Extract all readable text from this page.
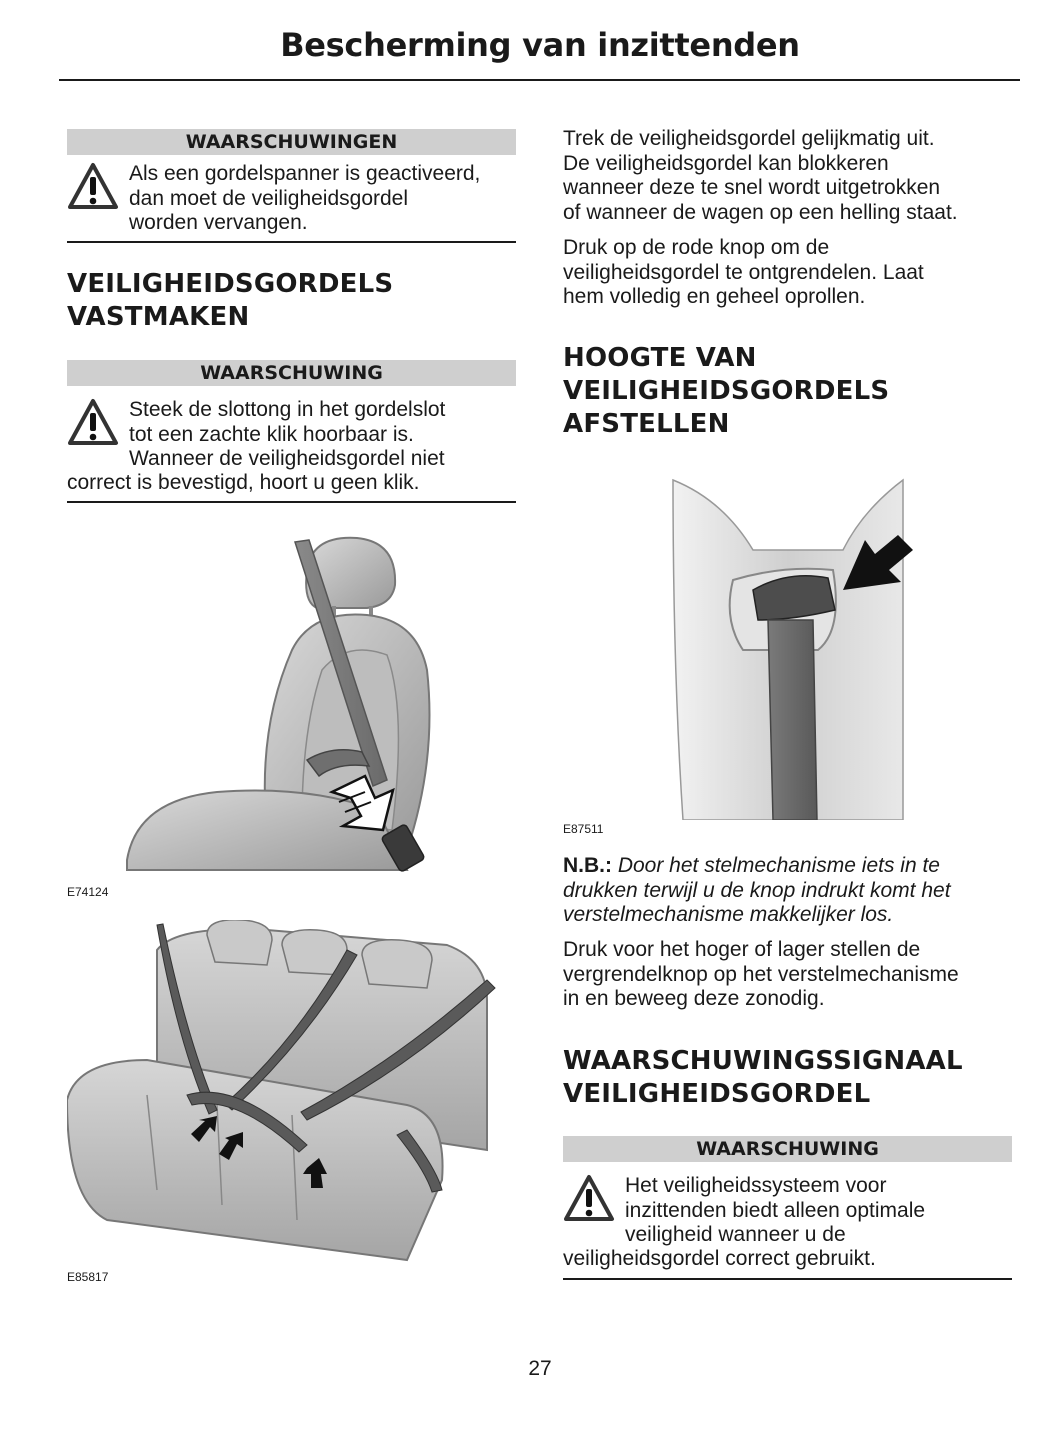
Bescherming van inzittenden
WAARSCHUWINGEN
Als een gordelspanner is geactiveerd,
dan moet de veiligheidsgordel
worden vervangen.
VEILIGHEIDSGORDELS
VASTMAKEN
WAARSCHUWING
Steek de slottong in het gordelslot
tot een zachte klik hoorbaar is.
Wanneer de veiligheidsgordel niet
correct is bevestigd, hoort u geen klik.
E74124
E85817
Trek de veiligheidsgordel gelijkmatig uit.
De veiligheidsgordel kan blokkeren
wanneer deze te snel wordt uitgetrokken
of wanneer de wagen op een helling staat.
Druk op de rode knop om de
veiligheidsgordel te ontgrendelen. Laat
hem volledig en geheel oprollen.
HOOGTE VAN
VEILIGHEIDSGORDELS
AFSTELLEN
E87511
N.B.: Door het stelmechanisme iets in te
drukken terwijl u de knop indrukt komt het
verstelmechanisme makkelijker los.
Druk voor het hoger of lager stellen de
vergrendelknop op het verstelmechanisme
in en beweeg deze zonodig.
WAARSCHUWINGSSIGNAAL
VEILIGHEIDSGORDEL
WAARSCHUWING
Het veiligheidssysteem voor
inzittenden biedt alleen optimale
veiligheid wanneer u de
veiligheidsgordel correct gebruikt.
27
